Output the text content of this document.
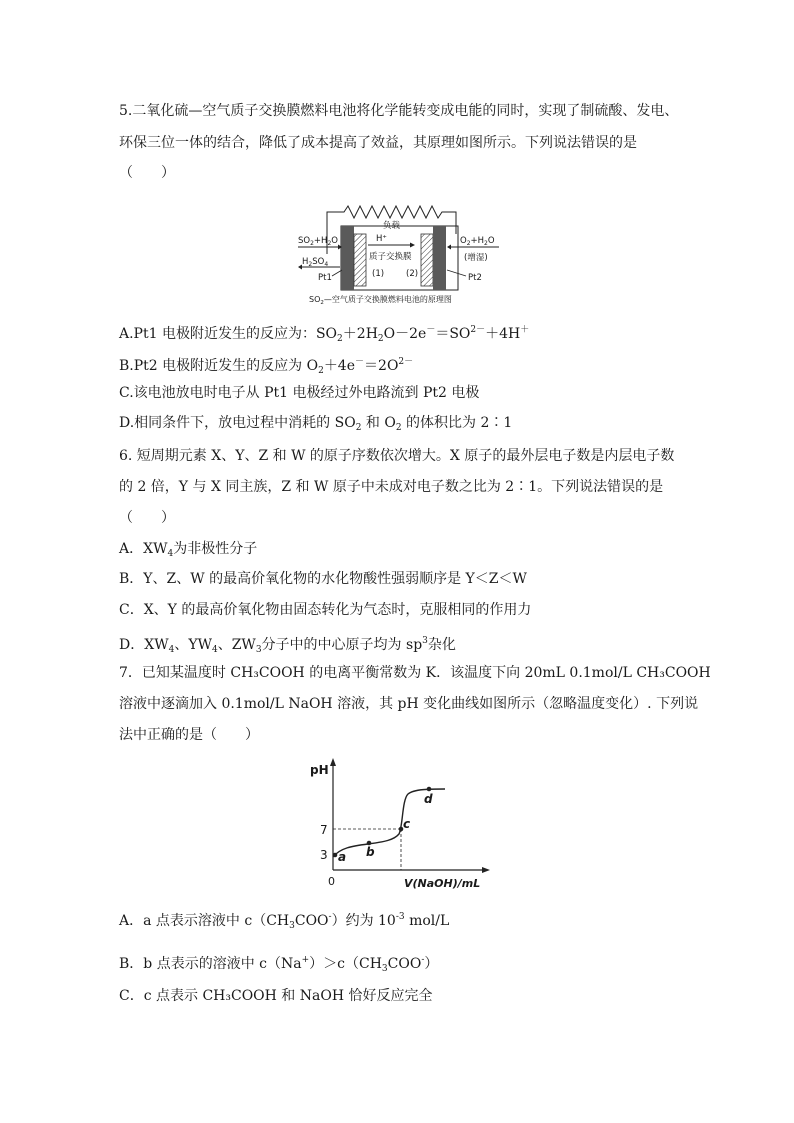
5.二氧化硫—空气质子交换膜燃料电池将化学能转变成电能的同时，实现了制硫酸、发电、
环保三位一体的结合，降低了成本提高了效益，其原理如图所示。下列说法错误的是
（　　）
负载
H⁺
质子交换膜
(1)	(2)
$SO_2+H_2O$
$H_2SO_4$
Pt1
$O_2+H_2O$
(增湿)
Pt2
$SO_2—$空气质子交换膜燃料电池的原理图
A.Pt1 电极附近发生的反应为：$SO_2+2H_2O-2e^-=SO^{2-}+4H^+$
B.Pt2 电极附近发生的反应为 $O_2+4e^-=2O^{2-}$
C.该电池放电时电子从 Pt1 电极经过外电路流到 Pt2 电极
D.相同条件下，放电过程中消耗的 $SO_2$ 和 $O_2$ 的体积比为 2∶1
6. 短周期元素 X、Y、Z 和 W 的原子序数依次增大。X 原子的最外层电子数是内层电子数
的 2 倍，Y 与 X 同主族，Z 和 W 原子中未成对电子数之比为 2∶1。下列说法错误的是
（　　）
A．$XW_4$为非极性分子
B．Y、Z、W 的最高价氧化物的水化物酸性强弱顺序是 Y＜Z＜W
C．X、Y 的最高价氧化物由固态转化为气态时，克服相同的作用力
D．$XW_4$、$YW_4$、$ZW_3$分子中的中心原子均为 $sp^3$杂化
7．已知某温度时 CH₃COOH 的电离平衡常数为 K．该温度下向 20mL 0.1mol/L CH₃COOH
溶液中逐滴加入 0.1mol/L NaOH 溶液，其 pH 变化曲线如图所示（忽略温度变化）. 下列说
法中正确的是（　　）
pH
0	V(NaOH)/mL
7
3 a b
c
d
A．a 点表示溶液中 $c(CH_3COO^-)$约为 $10^{-3}$ mol/L
B．b 点表示的溶液中 $c(Na^+)>c(CH_3COO^-)$
C．c 点表示 CH₃COOH 和 NaOH 恰好反应完全
